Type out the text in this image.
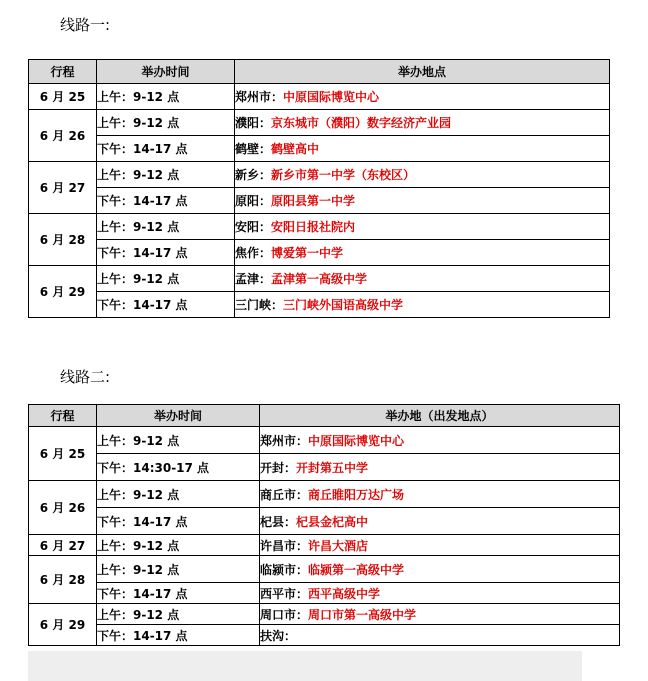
线路一:
行程	举办时间	举办地点
6 月 25	上午：9-12 点	郑州市：中原国际博览中心
6 月 26	上午：9-12 点	濮阳：京东城市（濮阳）数字经济产业园
	下午：14-17 点	鹤壁：鹤壁高中
6 月 27	上午：9-12 点	新乡：新乡市第一中学（东校区）
	下午：14-17 点	原阳：原阳县第一中学
6 月 28	上午：9-12 点	安阳：安阳日报社院内
	下午：14-17 点	焦作：博爱第一中学
6 月 29	上午：9-12 点	孟津：孟津第一高级中学
	下午：14-17 点	三门峡：三门峡外国语高级中学
线路二:
行程	举办时间	举办地（出发地点）
6 月 25	上午：9-12 点	郑州市：中原国际博览中心
	下午：14:30-17 点	开封：开封第五中学
6 月 26	上午：9-12 点	商丘市：商丘睢阳万达广场
	下午：14-17 点	杞县：杞县金杞高中
6 月 27	上午：9-12 点	许昌市：许昌大酒店
6 月 28	上午：9-12 点	临颍市：临颍第一高级中学
	下午：14-17 点	西平市：西平高级中学
6 月 29	上午：9-12 点	周口市：周口市第一高级中学
	下午：14-17 点	扶沟：
